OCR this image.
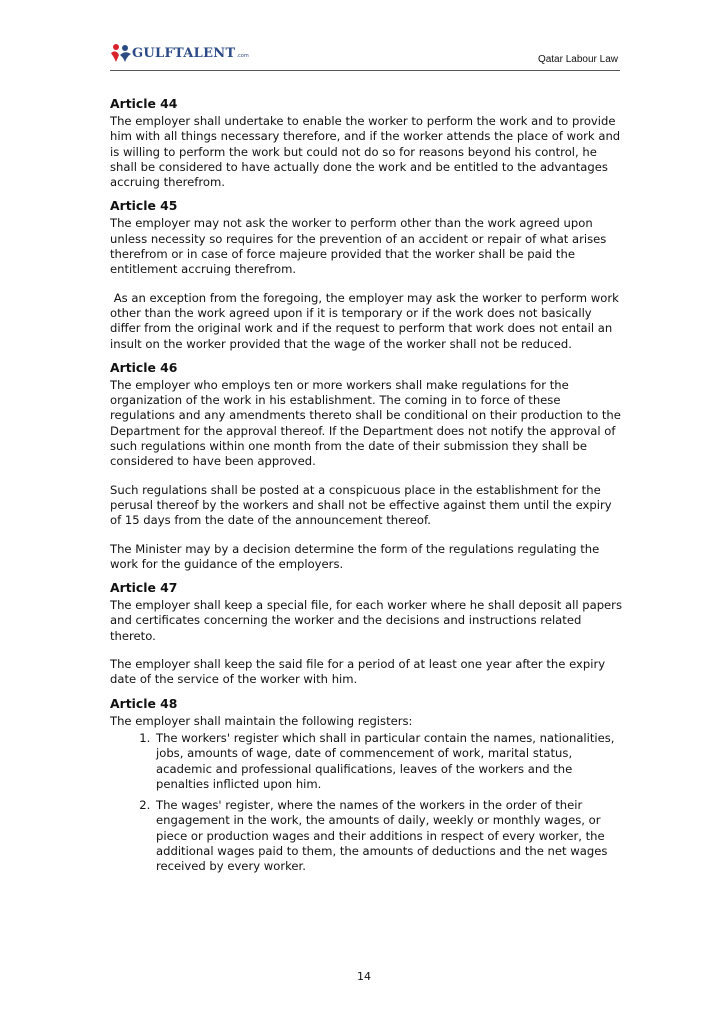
GULFTALENT .com	Qatar Labour Law
Article 44

The employer shall undertake to enable the worker to perform the work and to provide him with all things necessary therefore, and if the worker attends the place of work and is willing to perform the work but could not do so for reasons beyond his control, he shall be considered to have actually done the work and be entitled to the advantages accruing therefrom.

Article 45

The employer may not ask the worker to perform other than the work agreed upon unless necessity so requires for the prevention of an accident or repair of what arises therefrom or in case of force majeure provided that the worker shall be paid the entitlement accruing therefrom.

As an exception from the foregoing, the employer may ask the worker to perform work other than the work agreed upon if it is temporary or if the work does not basically differ from the original work and if the request to perform that work does not entail an insult on the worker provided that the wage of the worker shall not be reduced.

Article 46

The employer who employs ten or more workers shall make regulations for the organization of the work in his establishment. The coming in to force of these regulations and any amendments thereto shall be conditional on their production to the Department for the approval thereof. If the Department does not notify the approval of such regulations within one month from the date of their submission they shall be considered to have been approved.

Such regulations shall be posted at a conspicuous place in the establishment for the perusal thereof by the workers and shall not be effective against them until the expiry of 15 days from the date of the announcement thereof.

The Minister may by a decision determine the form of the regulations regulating the work for the guidance of the employers.

Article 47

The employer shall keep a special file, for each worker where he shall deposit all papers and certificates concerning the worker and the decisions and instructions related thereto.

The employer shall keep the said file for a period of at least one year after the expiry date of the service of the worker with him.

Article 48

The employer shall maintain the following registers:

1. The workers' register which shall in particular contain the names, nationalities, jobs, amounts of wage, date of commencement of work, marital status, academic and professional qualifications, leaves of the workers and the penalties inflicted upon him.
2. The wages' register, where the names of the workers in the order of their engagement in the work, the amounts of daily, weekly or monthly wages, or piece or production wages and their additions in respect of every worker, the additional wages paid to them, the amounts of deductions and the net wages received by every worker.
14
